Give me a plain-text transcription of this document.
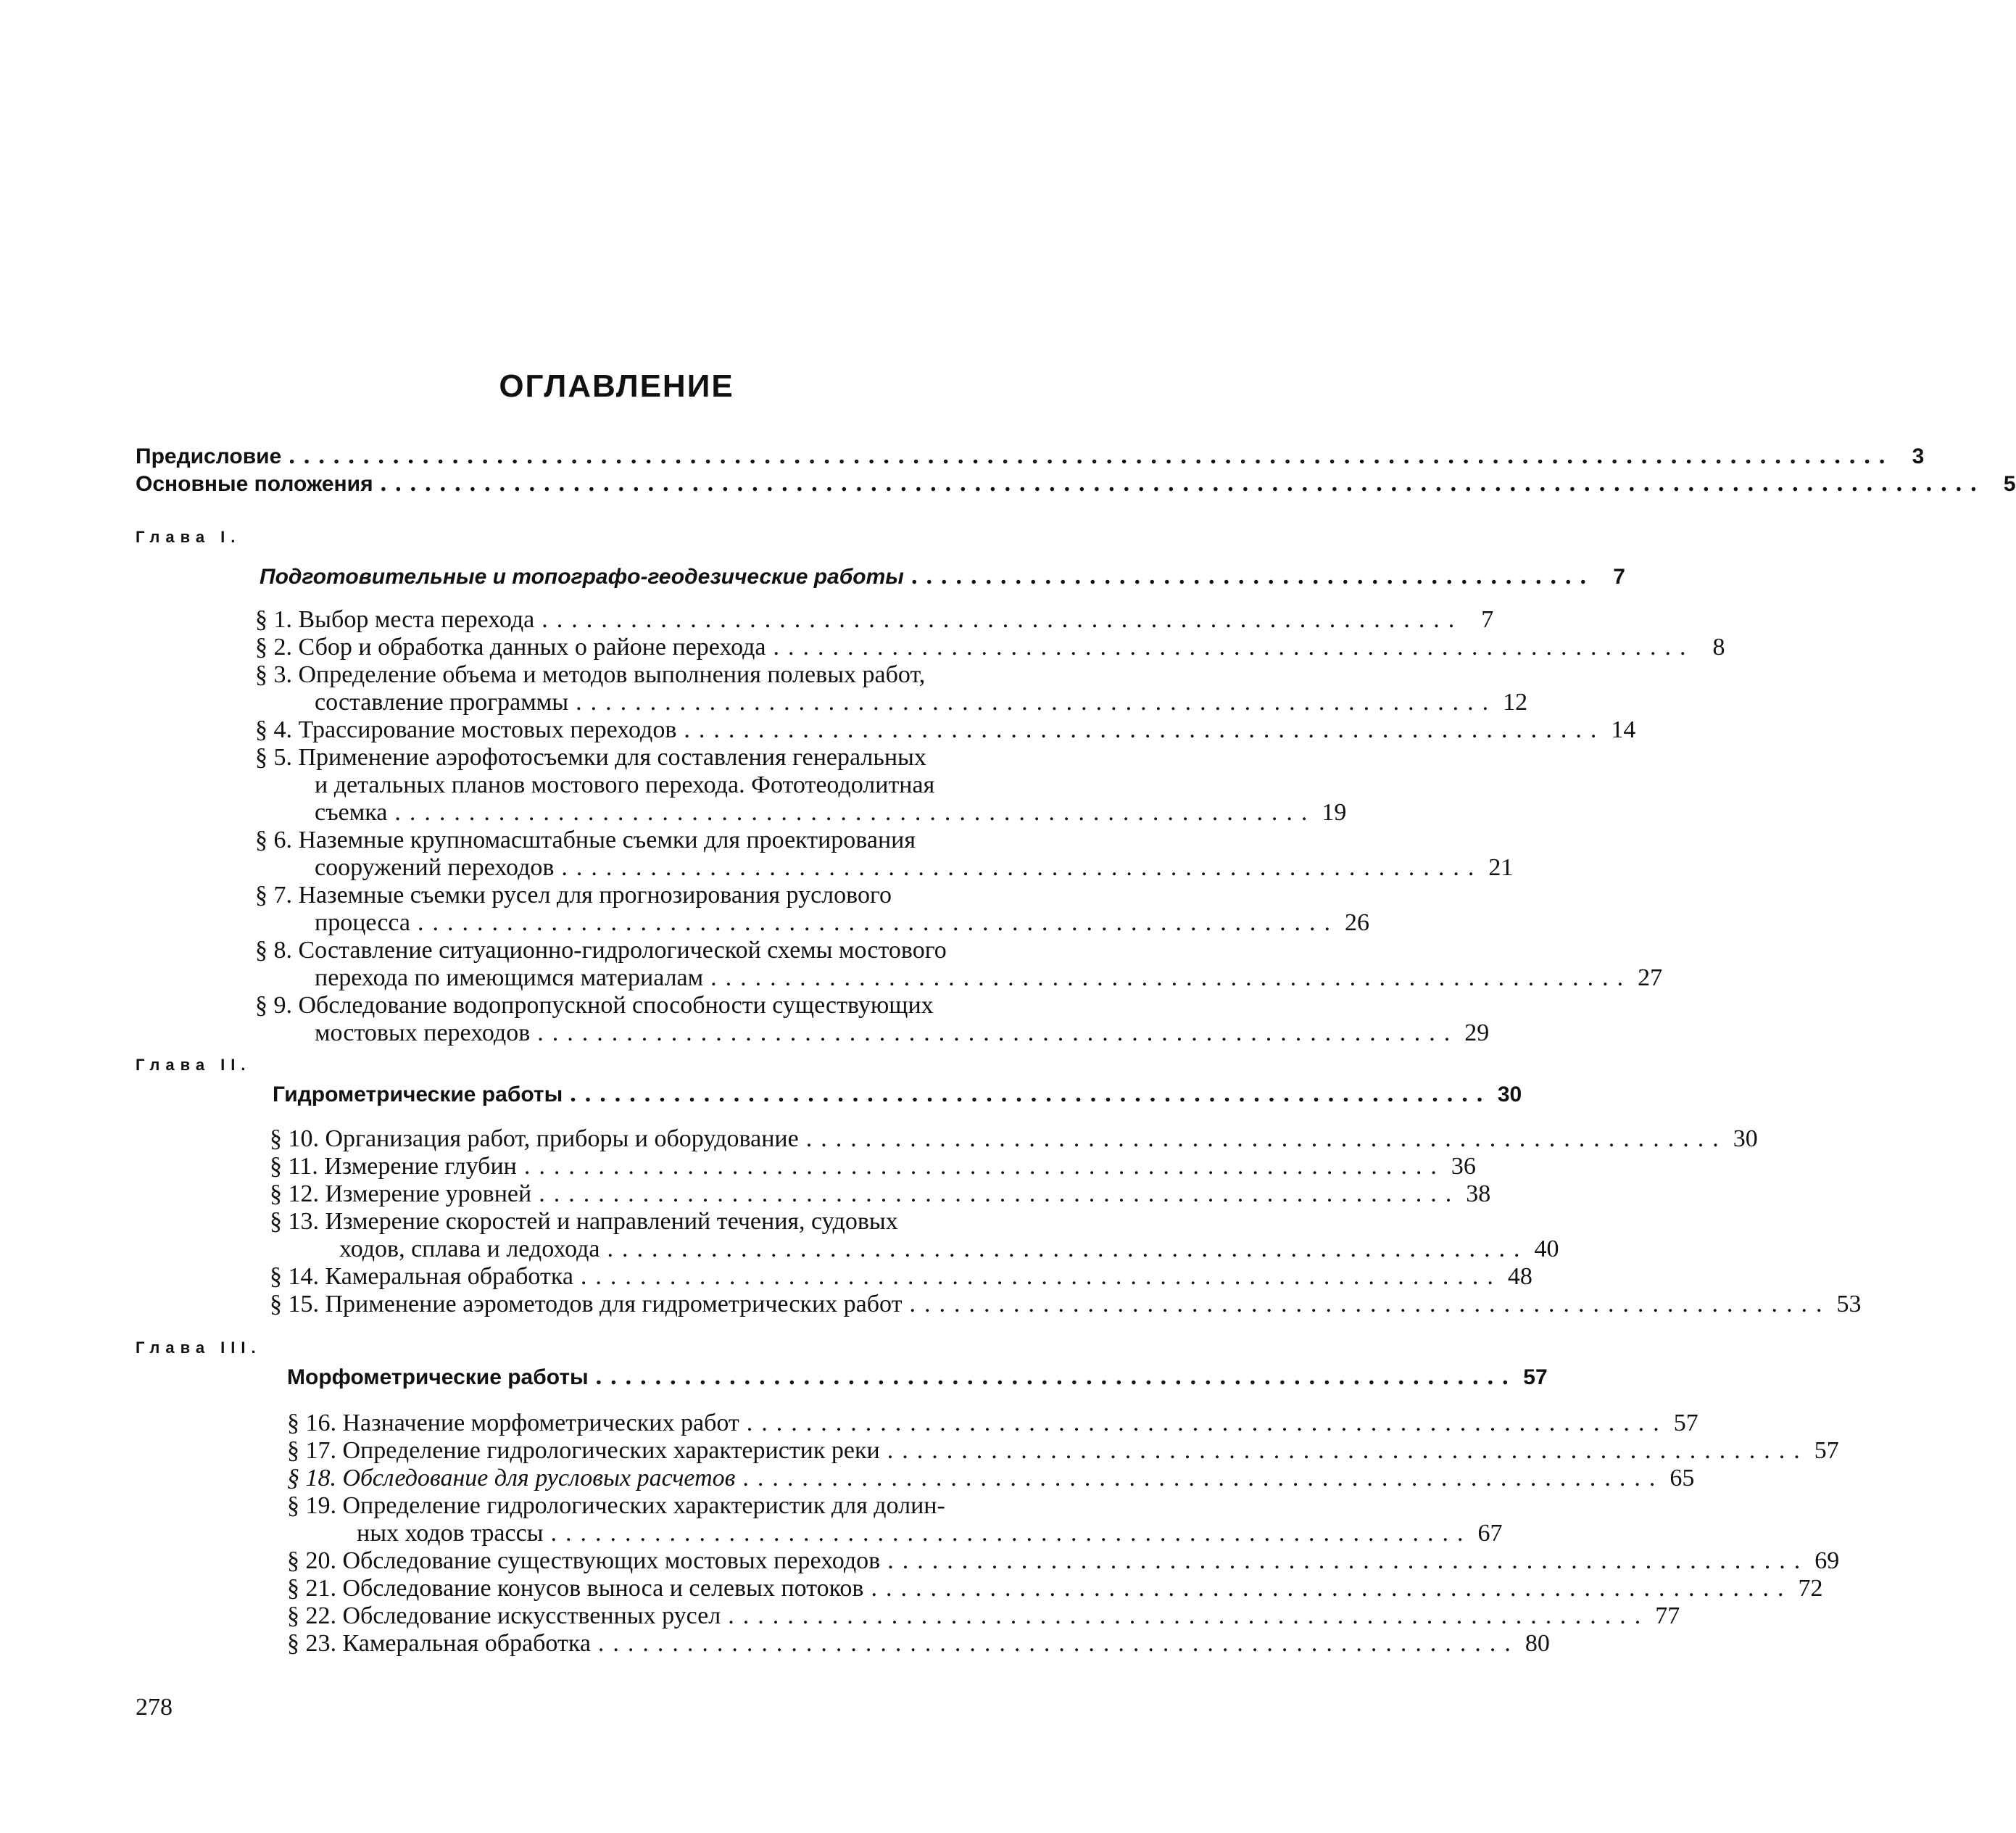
ОГЛАВЛЕНИЕ
Предисловие ............................................................................................................ 3
Основные положения ............................................................................................................ 5
Глава I.
Подготовительные и топографо-геодезические работы .............................................. 7
§ 1. Выбор места перехода .............................................................. 7
§ 2. Сбор и обработка данных о районе перехода .............................................................. 8
§ 3. Определение объема и методов выполнения полевых работ,
составление программы .............................................................. 12
§ 4. Трассирование мостовых переходов .............................................................. 14
§ 5. Применение аэрофотосъемки для составления генеральных
и детальных планов мостового перехода. Фототеодолитная
съемка .............................................................. 19
§ 6. Наземные крупномасштабные съемки для проектирования
сооружений переходов .............................................................. 21
§ 7. Наземные съемки русел для прогнозирования руслового
процесса .............................................................. 26
§ 8. Составление ситуационно-гидрологической схемы мостового
перехода по имеющимся материалам .............................................................. 27
§ 9. Обследование водопропускной способности существующих
мостовых переходов .............................................................. 29
Глава II.
Гидрометрические работы .............................................................. 30
§ 10. Организация работ, приборы и оборудование .............................................................. 30
§ 11. Измерение глубин .............................................................. 36
§ 12. Измерение уровней .............................................................. 38
§ 13. Измерение скоростей и направлений течения, судовых
ходов, сплава и ледохода .............................................................. 40
§ 14. Камеральная обработка .............................................................. 48
§ 15. Применение аэрометодов для гидрометрических работ .............................................................. 53
Глава III.
Морфометрические работы .............................................................. 57
§ 16. Назначение морфометрических работ .............................................................. 57
§ 17. Определение гидрологических характеристик реки .............................................................. 57
§ 18. Обследование для русловых расчетов .............................................................. 65
§ 19. Определение гидрологических характеристик для долин-
ных ходов трассы .............................................................. 67
§ 20. Обследование существующих мостовых переходов .............................................................. 69
§ 21. Обследование конусов выноса и селевых потоков .............................................................. 72
§ 22. Обследование искусственных русел .............................................................. 77
§ 23. Камеральная обработка .............................................................. 80
278
